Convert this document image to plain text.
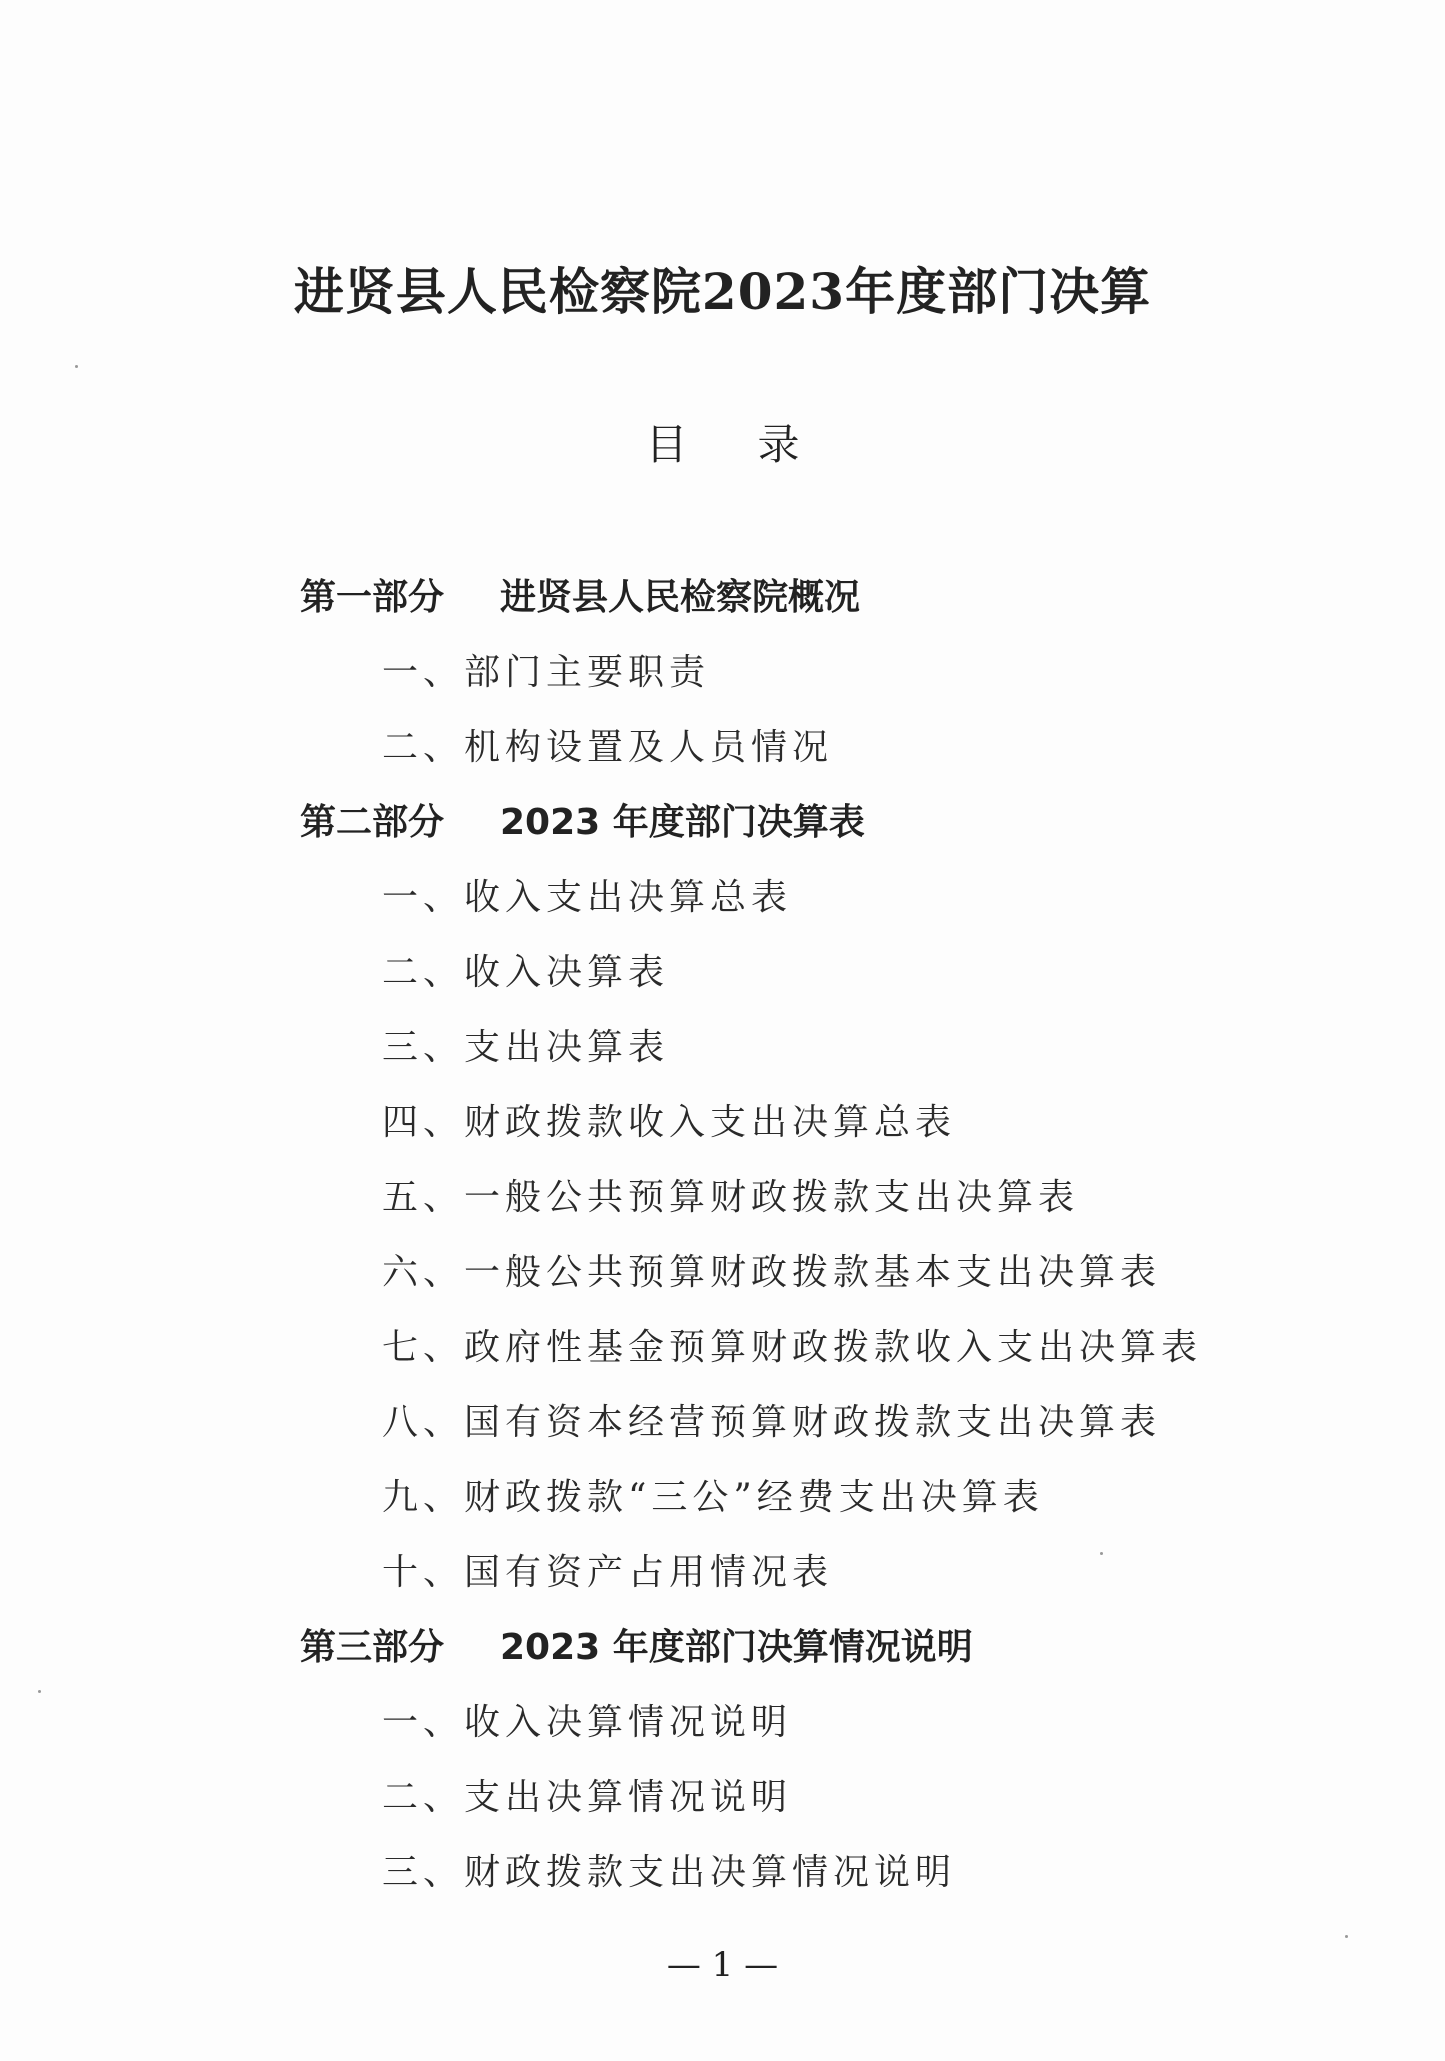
进贤县人民检察院2023年度部门决算
目录
第一部分 进贤县人民检察院概况
一、部门主要职责
二、机构设置及人员情况
第二部分 2023 年度部门决算表
一、收入支出决算总表
二、收入决算表
三、支出决算表
四、财政拨款收入支出决算总表
五、一般公共预算财政拨款支出决算表
六、一般公共预算财政拨款基本支出决算表
七、政府性基金预算财政拨款收入支出决算表
八、国有资本经营预算财政拨款支出决算表
九、财政拨款“三公”经费支出决算表
十、国有资产占用情况表
第三部分 2023 年度部门决算情况说明
一、收入决算情况说明
二、支出决算情况说明
三、财政拨款支出决算情况说明
— 1 —
